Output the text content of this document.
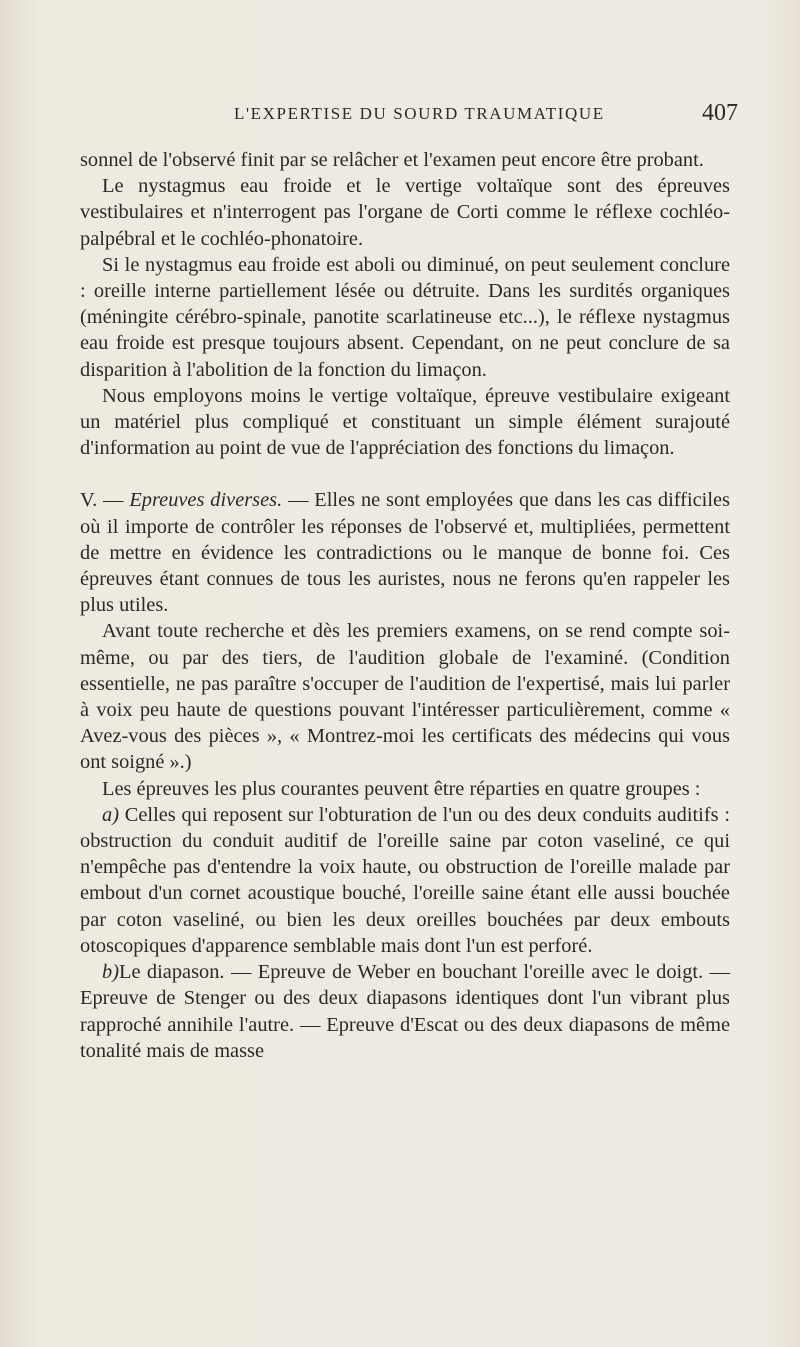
L'EXPERTISE DU SOURD TRAUMATIQUE	407

sonnel de l'observé finit par se relâcher et l'examen peut encore être probant.

Le nystagmus eau froide et le vertige voltaïque sont des épreuves vestibulaires et n'interrogent pas l'organe de Corti comme le réflexe cochléo-palpébral et le cochléo-phonatoire.

Si le nystagmus eau froide est aboli ou diminué, on peut seulement conclure : oreille interne partiellement lésée ou détruite. Dans les surdités organiques (méningite cérébro-spinale, panotite scarlatineuse etc...), le réflexe nystagmus eau froide est presque toujours absent. Cependant, on ne peut conclure de sa disparition à l'abolition de la fonction du limaçon.

Nous employons moins le vertige voltaïque, épreuve vestibulaire exigeant un matériel plus compliqué et constituant un simple élément surajouté d'information au point de vue de l'appréciation des fonctions du limaçon.

V. — Epreuves diverses. — Elles ne sont employées que dans les cas difficiles où il importe de contrôler les réponses de l'observé et, multipliées, permettent de mettre en évidence les contradictions ou le manque de bonne foi. Ces épreuves étant connues de tous les auristes, nous ne ferons qu'en rappeler les plus utiles.

Avant toute recherche et dès les premiers examens, on se rend compte soi-même, ou par des tiers, de l'audition globale de l'examiné. (Condition essentielle, ne pas paraître s'occuper de l'audition de l'expertisé, mais lui parler à voix peu haute de questions pouvant l'intéresser particulièrement, comme « Avez-vous des pièces », « Montrez-moi les certificats des médecins qui vous ont soigné ».)

Les épreuves les plus courantes peuvent être réparties en quatre groupes :

a) Celles qui reposent sur l'obturation de l'un ou des deux conduits auditifs : obstruction du conduit auditif de l'oreille saine par coton vaseliné, ce qui n'empêche pas d'entendre la voix haute, ou obstruction de l'oreille malade par embout d'un cornet acoustique bouché, l'oreille saine étant elle aussi bouchée par coton vaseliné, ou bien les deux oreilles bouchées par deux embouts otoscopiques d'apparence semblable mais dont l'un est perforé.

b)Le diapason. — Epreuve de Weber en bouchant l'oreille avec le doigt. — Epreuve de Stenger ou des deux diapasons identiques dont l'un vibrant plus rapproché annihile l'autre. — Epreuve d'Escat ou des deux diapasons de même tonalité mais de masse
